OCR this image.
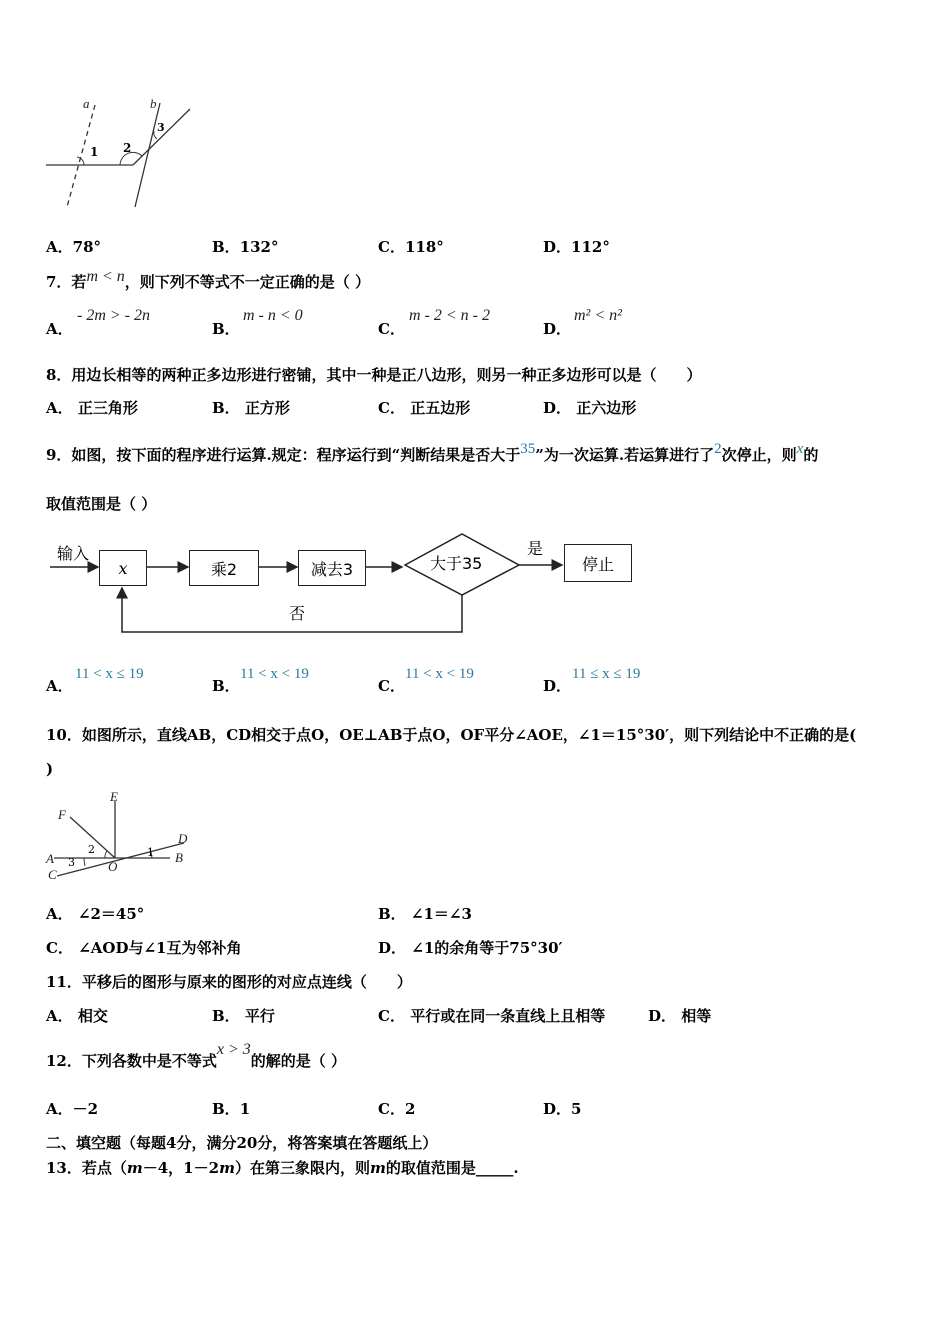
a	b
1 2
3
A．78°	B．132°	C．118°	D．112°
7．若m < n，则下列不等式不一定正确的是（ ）
A．
- 2m > - 2n
B．
m - n < 0
C．
m - 2 < n - 2
D．
m² < n²
8．用边长相等的两种正多边形进行密铺，其中一种是正八边形，则另一种正多边形可以是（　　）
A． 正三角形	B． 正方形	C． 正五边形	D． 正六边形
9．如图，按下面的程序进行运算.规定：程序运行到“判断结果是否大于35”为一次运算.若运算进行了2次停止，则x的
取值范围是（ ）
输入
x	乘2	减去3	大于35
是
停止
否
A．
11 < x ≤ 19
B．
11 < x < 19
C．
11 < x < 19
D．
11 ≤ x ≤ 19
10．如图所示，直线AB，CD相交于点O，OE⊥AB于点O，OF平分∠AOE，∠1＝15°30′，则下列结论中不正确的是(
)
E
F
D
A	B
C
O
1
2
3
A． ∠2＝45°	B． ∠1＝∠3
C． ∠AOD与∠1互为邻补角	D． ∠1的余角等于75°30′
11．平移后的图形与原来的图形的对应点连线（　　）
A． 相交	B． 平行	C． 平行或在同一条直线上且相等	D． 相等
12．下列各数中是不等式x > 3的解的是（ ）
A．－2	B．1	C．2	D．5
二、填空题（每题4分，满分20分，将答案填在答题纸上）
13．若点（m－4，1－2m）在第三象限内，则m的取值范围是_____.
